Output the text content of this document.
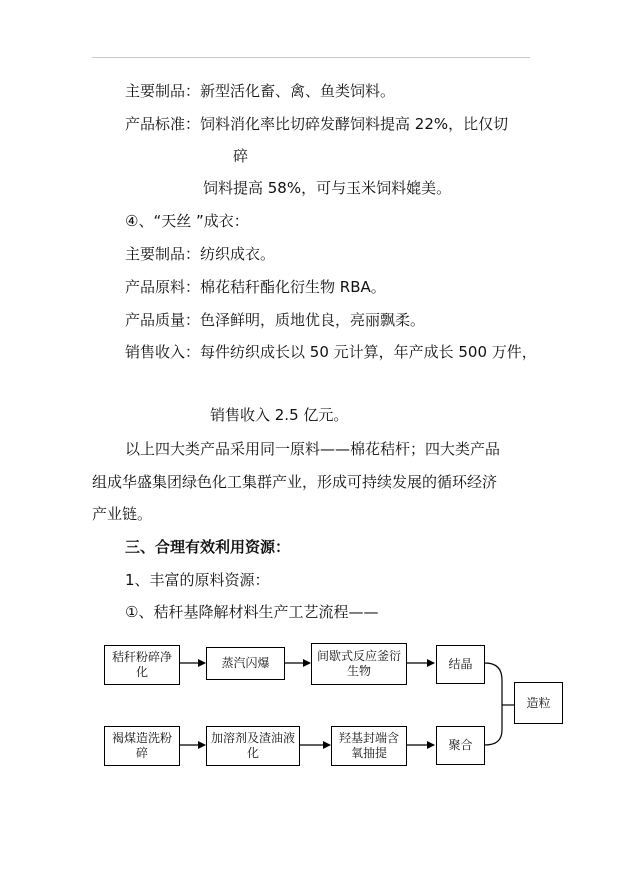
主要制品：新型活化畜、禽、鱼类饲料。
产品标准：饲料消化率比切碎发酵饲料提高 22%，比仅切
碎
饲料提高 58%，可与玉米饲料媲美。
④、“天丝 ”成衣：
主要制品：纺织成衣。
产品原料：棉花秸秆酯化衍生物 RBA。
产品质量：色泽鲜明，质地优良，亮丽飘柔。
销售收入：每件纺织成长以 50 元计算，年产成长 500 万件，
销售收入 2.5 亿元。
以上四大类产品采用同一原料——棉花秸杆；四大类产品
组成华盛集团绿色化工集群产业，形成可持续发展的循环经济
产业链。
三、合理有效利用资源：
1、丰富的原料资源：
①、秸秆基降解材料生产工艺流程——
秸秆粉碎净化
蒸汽闪爆	间歇式反应釜衍生物	结晶
褐煤造洗粉碎
加溶剂及渣油液化
羟基封端含氧抽提
聚合
造粒
